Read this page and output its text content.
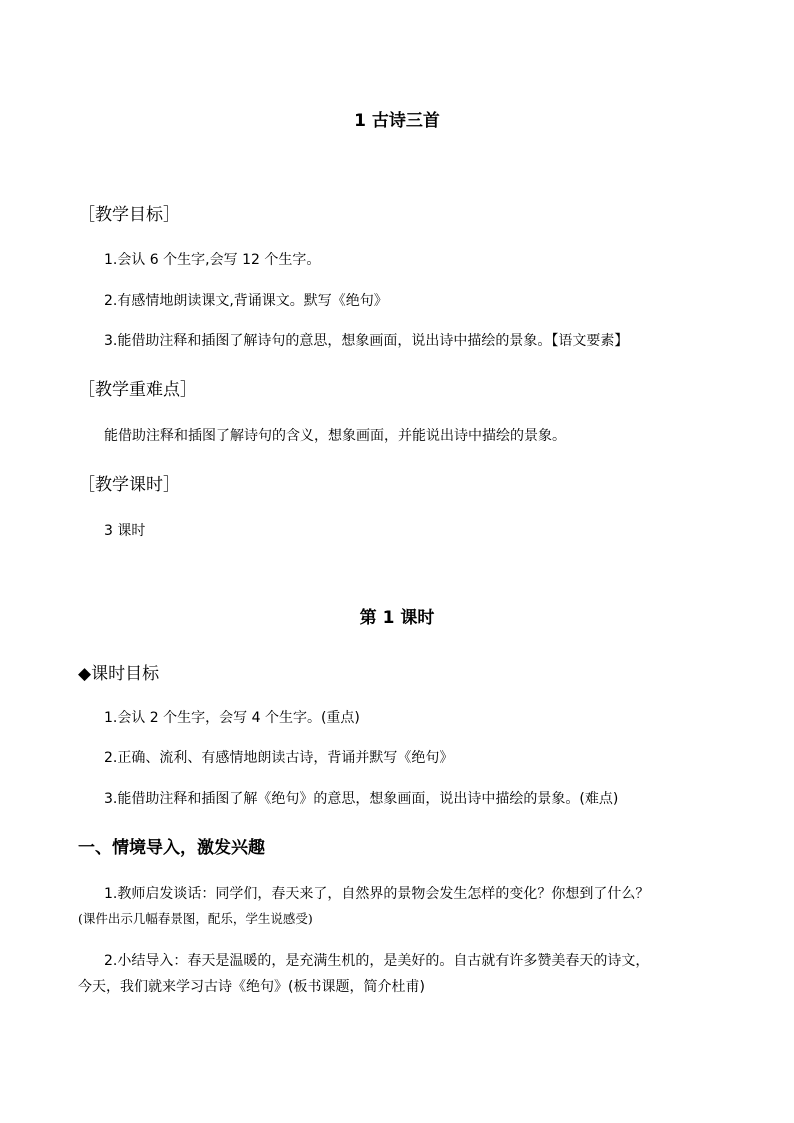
1 古诗三首
［教学目标］

1.会认 6 个生字,会写 12 个生字。

2.有感情地朗读课文,背诵课文。默写《绝句》

3.能借助注释和插图了解诗句的意思，想象画面，说出诗中描绘的景象。【语文要素】

［教学重难点］

能借助注释和插图了解诗句的含义，想象画面，并能说出诗中描绘的景象。

［教学课时］

3 课时

第 1 课时
◆课时目标

1.会认 2 个生字，会写 4 个生字。(重点)

2.正确、流利、有感情地朗读古诗，背诵并默写《绝句》

3.能借助注释和插图了解《绝句》的意思，想象画面，说出诗中描绘的景象。(难点)

一、情境导入，激发兴趣

1.教师启发谈话：同学们，春天来了，自然界的景物会发生怎样的变化？你想到了什么？

(课件出示几幅春景图，配乐，学生说感受)

2.小结导入：春天是温暖的，是充满生机的，是美好的。自古就有许多赞美春天的诗文，

今天，我们就来学习古诗《绝句》(板书课题，简介杜甫)
